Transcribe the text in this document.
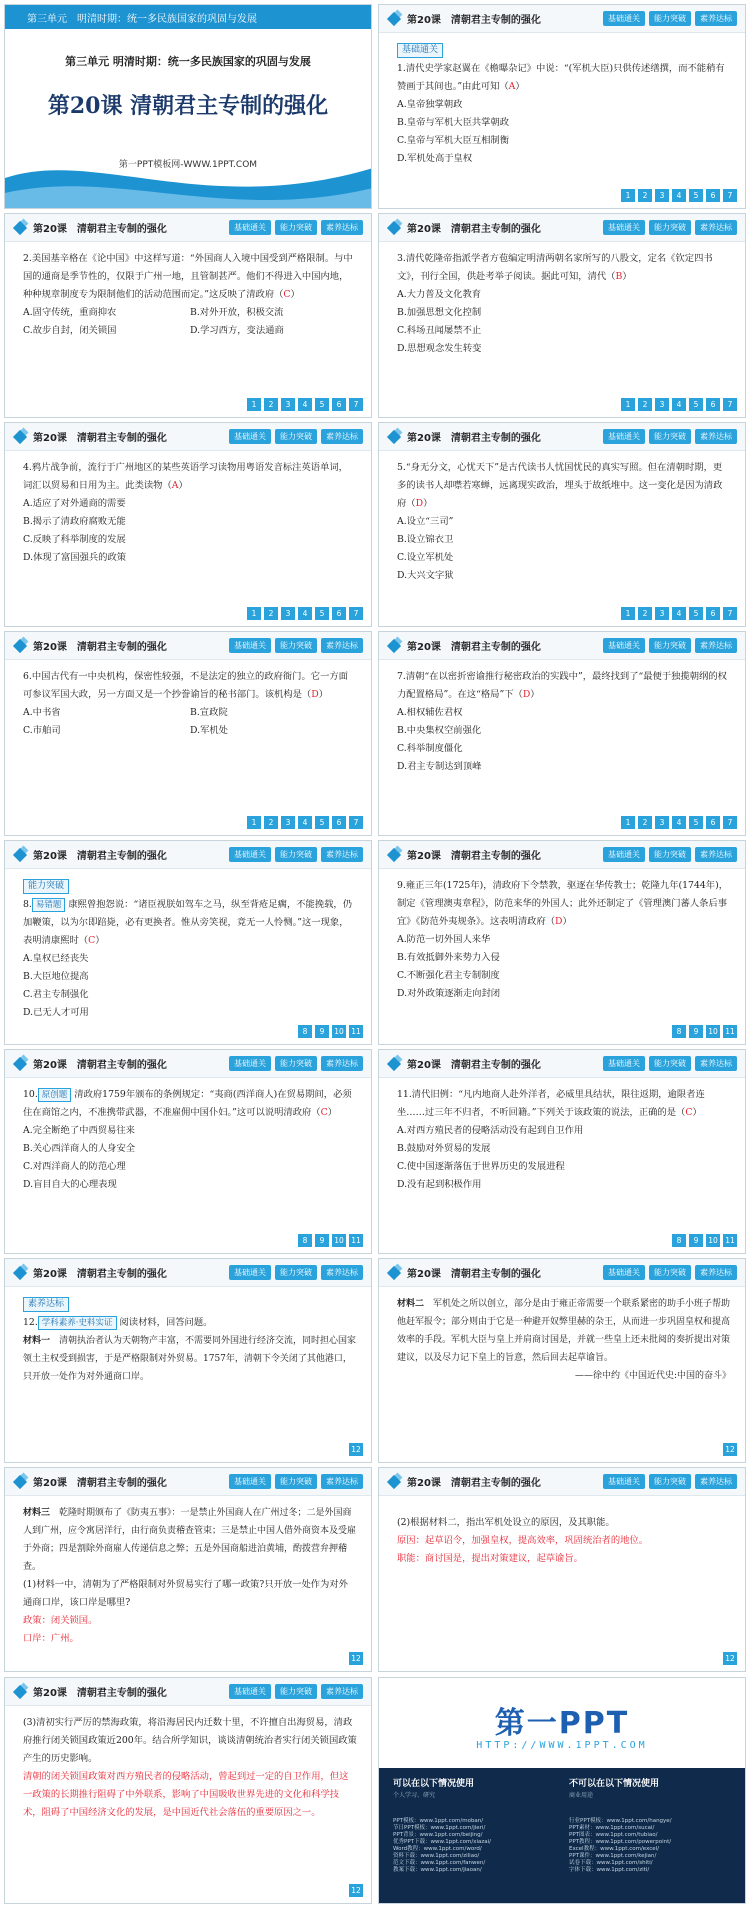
第三单元　 明清时期：统一多民族国家的巩固与发展
第三单元 明清时期：统一多民族国家的巩固与发展
第20课 清朝君主专制的强化
第一PPT模板网-WWW.1PPT.COM
第20课　清朝君主专制的强化	基础通关	能力突破	素养达标
基础通关

1.清代史学家赵翼在《檐曝杂记》中说：“(军机大臣)只供传述缮撰，而不能稍有赞画于其间也。”由此可知（A）

A.皇帝独掌朝政

B.皇帝与军机大臣共掌朝政

C.皇帝与军机大臣互相制衡

D.军机处高于皇权

1	2	3	4	5	6	7
第20课　清朝君主专制的强化	基础通关	能力突破	素养达标

2.美国基辛格在《论中国》中这样写道：“外国商人入境中国受到严格限制。与中国的通商是季节性的，仅限于广州一地，且管制甚严。他们不得进入中国内地，种种规章制度专为限制他们的活动范围而定。”这反映了清政府（C）

A.固守传统，重商抑农	B.对外开放，积极交流
C.故步自封，闭关锁国	D.学习西方，变法通商
1	2	3	4	5	6	7
第20课　清朝君主专制的强化	基础通关	能力突破	素养达标

3.清代乾隆帝指派学者方苞编定明清两朝名家所写的八股文，定名《钦定四书文》，刊行全国，供赴考举子阅读。据此可知，清代（B）

A.大力普及文化教育

B.加强思想文化控制

C.科场丑闻屡禁不止

D.思想观念发生转变

1	2	3	4	5	6	7
第20课　清朝君主专制的强化	基础通关	能力突破	素养达标

4.鸦片战争前，流行于广州地区的某些英语学习读物用粤语发音标注英语单词，词汇以贸易和日用为主。此类读物（A）

A.适应了对外通商的需要

B.揭示了清政府腐败无能

C.反映了科举制度的发展

D.体现了富国强兵的政策

1	2	3	4	5	6	7
第20课　清朝君主专制的强化	基础通关	能力突破	素养达标

5.“身无分文，心忧天下”是古代读书人忧国忧民的真实写照。但在清朝时期，更多的读书人却噤若寒蝉，远离现实政治，埋头于故纸堆中。这一变化是因为清政府（D）

A.设立“三司”

B.设立锦衣卫

C.设立军机处

D.大兴文字狱

1	2	3	4	5	6	7
第20课　清朝君主专制的强化	基础通关	能力突破	素养达标

6.中国古代有一中央机构，保密性较强，不是法定的独立的政府衙门。它一方面可参议军国大政，另一方面又是一个抄誊谕旨的秘书部门。该机构是（D）

A.中书省	B.宣政院
C.市舶司	D.军机处
1	2	3	4	5	6	7
第20课　清朝君主专制的强化	基础通关	能力突破	素养达标

7.清朝“在以密折密谕推行秘密政治的实践中”，最终找到了“最便于独揽朝纲的权力配置格局”。在这“格局”下（D）

A.相权辅佐君权

B.中央集权空前强化

C.科举制度僵化

D.君主专制达到顶峰

1	2	3	4	5	6	7
第20课　清朝君主专制的强化	基础通关	能力突破	素养达标
能力突破

8. 易错题 康熙曾抱怨说：“诸臣视朕如驾车之马，纵至背疮足瘸，不能挽载，仍加鞭策，以为尔即踣毙，必有更换者。惟从旁笑视，竟无一人怜恻。”这一现象，表明清康熙时（C）

A.皇权已经丧失

B.大臣地位提高

C.君主专制强化

D.已无人才可用

8	9	10 11
第20课　清朝君主专制的强化	基础通关	能力突破	素养达标

9.雍正三年(1725年)，清政府下令禁教，驱逐在华传教士；乾隆九年(1744年)，制定《管理澳夷章程》，防范来华的外国人；此外还制定了《管理澳门蕃人条后事宜》《防范外夷规条》。这表明清政府（D）

A.防范一切外国人来华

B.有效抵御外来势力入侵

C.不断强化君主专制制度

D.对外政策逐渐走向封闭

8	9	10 11
第20课　清朝君主专制的强化	基础通关	能力突破	素养达标

10. 原创题 清政府1759年颁布的条例规定：“夷商(西洋商人)在贸易期间，必须住在商馆之内，不准携带武器，不准雇佣中国仆妇。”这可以说明清政府（C）

A.完全断绝了中西贸易往来

B.关心西洋商人的人身安全

C.对西洋商人的防范心理

D.盲目自大的心理表现

8	9	10 11
第20课　清朝君主专制的强化	基础通关	能力突破	素养达标

11.清代旧例：“凡内地商人赴外洋者，必威里具结状，限往返期，逾限者连坐……过三年不归者，不听回籍。”下列关于该政策的说法，正确的是（C）

A.对西方殖民者的侵略活动没有起到自卫作用

B.鼓励对外贸易的发展

C.使中国逐渐落伍于世界历史的发展进程

D.没有起到积极作用

8	9	10 11
第20课　清朝君主专制的强化	基础通关	能力突破	素养达标
素养达标

12. 学科素养·史料实证 阅读材料，回答问题。

材料一　 清朝执治者认为天朝物产丰富，不需要同外国进行经济交流，同时担心国家领土主权受到损害，于是严格限制对外贸易。1757年，清朝下令关闭了其他港口，只开放一处作为对外通商口岸。

12
第20课　清朝君主专制的强化	基础通关	能力突破	素养达标

材料二　 军机处之所以创立，部分是由于雍正帝需要一个联系紧密的助手小班子帮助他赶军报令；部分则由于它是一种避开奴弊里赫的杂王，从而进一步巩固皇权和提高效率的手段。军机大臣与皇上并肩商讨国是，并就一些皇上还未批阅的奏折提出对策建议，以及尽力记下皇上的旨意，然后回去起草谕旨。

——徐中约《中国近代史:中国的奋斗》

12
第20课　清朝君主专制的强化	基础通关	能力突破	素养达标

材料三　 乾隆时期颁布了《防夷五事》：一是禁止外国商人在广州过冬；二是外国商人到广州，应令寓居洋行，由行商负责稽查管束；三是禁止中国人借外商资本及受雇于外商；四是割除外商雇人传递信息之弊；五是外国商船进泊黄埔，酌拨营弁押稽查。

(1)材料一中，清朝为了严格限制对外贸易实行了哪一政策?只开放一处作为对外通商口岸，该口岸是哪里?

政策：闭关锁国。

口岸：广州。

12
第20课　清朝君主专制的强化	基础通关	能力突破	素养达标

(2)根据材料二，指出军机处设立的原因，及其职能。

原因：起草诏令，加强皇权，提高效率，巩固统治者的地位。

职能：商讨国是，提出对策建议，起草谕旨。

12
第20课　清朝君主专制的强化	基础通关	能力突破	素养达标

(3)清初实行严厉的禁海政策，将沿海居民内迁数十里，不许擅自出海贸易，清政府推行闭关锁国政策近200年。结合所学知识，谈谈清朝统治者实行闭关锁国政策产生的历史影响。

清朝的闭关锁国政策对西方殖民者的侵略活动，曾起到过一定的自卫作用，但这一政策的长期推行阻碍了中外联系，影响了中国吸收世界先进的文化和科学技术，阻碍了中国经济文化的发展，是中国近代社会落伍的重要原因之一。

12
第一PPT
HTTP://WWW.1PPT.COM
可以在以下情况使用
个人学习、研究
不可以在以下情况使用
商业用途
PPT模板：www.1ppt.com/moban/
节日PPT模板：www.1ppt.com/jieri/
PPT背景：www.1ppt.com/beijing/
优秀PPT下载：www.1ppt.com/xiazai/
Word教程：www.1ppt.com/word/
资料下载：www.1ppt.com/ziliao/
范文下载：www.1ppt.com/fanwen/
教案下载：www.1ppt.com/jiaoan/
行业PPT模板：www.1ppt.com/hangye/
PPT素材：www.1ppt.com/sucai/
PPT图表：www.1ppt.com/tubiao/
PPT教程：www.1ppt.com/powerpoint/
Excel教程：www.1ppt.com/excel/
PPT课件：www.1ppt.com/kejian/
试卷下载：www.1ppt.com/shiti/
字体下载：www.1ppt.com/ziti/
